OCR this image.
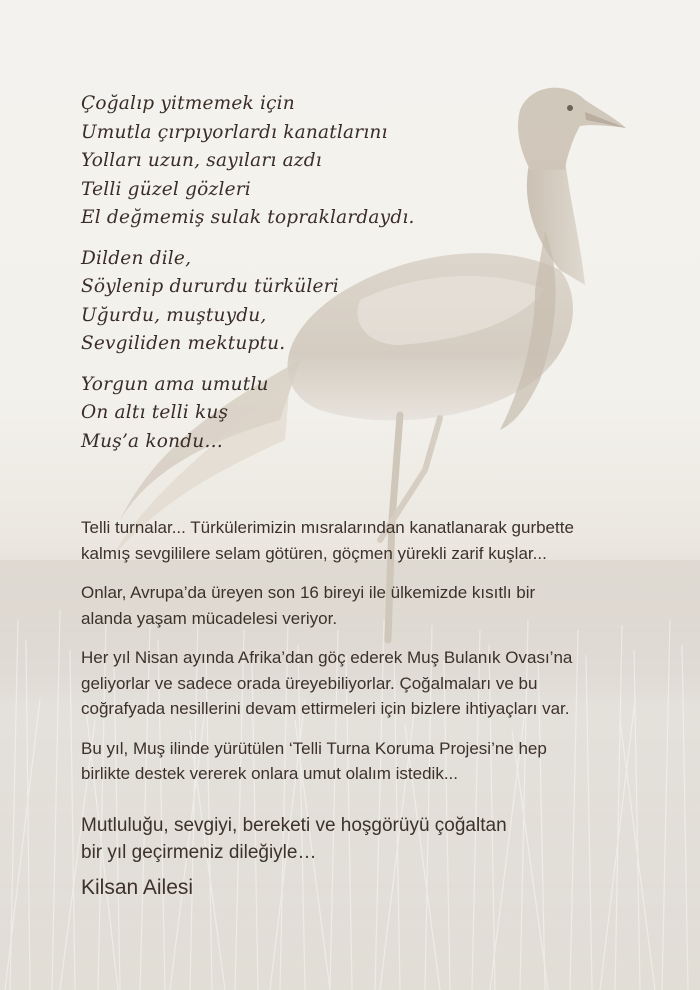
Çoğalıp yitmemek için
Umutla çırpıyorlardı kanatlarını
Yolları uzun, sayıları azdı
Telli güzel gözleri
El değmemiş sulak topraklardaydı.
Dilden dile,
Söylenip dururdu türküleri
Uğurdu, muştuydu,
Sevgiliden mektuptu.
Yorgun ama umutlu
On altı telli kuş
Muş’a kondu…
Telli turnalar... Türkülerimizin mısralarından kanatlanarak gurbette
kalmış sevgililere selam götüren, göçmen yürekli zarif kuşlar...
Onlar, Avrupa’da üreyen son 16 bireyi ile ülkemizde kısıtlı bir
alanda yaşam mücadelesi veriyor.
Her yıl Nisan ayında Afrika’dan göç ederek Muş Bulanık Ovası’na
geliyorlar ve sadece orada üreyebiliyorlar. Çoğalmaları ve bu
coğrafyada nesillerini devam ettirmeleri için bizlere ihtiyaçları var.
Bu yıl, Muş ilinde yürütülen ‘Telli Turna Koruma Projesi’ne hep
birlikte destek vererek onlara umut olalım istedik...
Mutluluğu, sevgiyi, bereketi ve hoşgörüyü çoğaltan
bir yıl geçirmeniz dileğiyle…
Kilsan Ailesi
